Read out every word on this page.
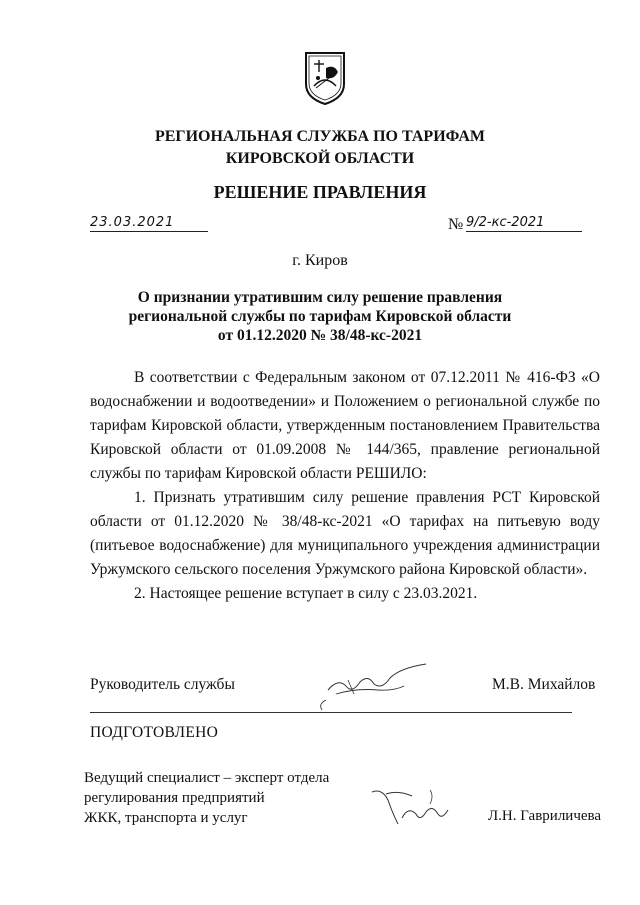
РЕГИОНАЛЬНАЯ СЛУЖБА ПО ТАРИФАМ
КИРОВСКОЙ ОБЛАСТИ
РЕШЕНИЕ ПРАВЛЕНИЯ
23.03.2021	№ 9/2-кс-2021
г. Киров
О признании утратившим силу решение правления
региональной службы по тарифам Кировской области
от 01.12.2020 № 38/48-кс-2021

В соответствии с Федеральным законом от 07.12.2011 № 416-ФЗ «О водоснабжении и водоотведении» и Положением о региональной службе по тарифам Кировской области, утвержденным постановлением Правительства Кировской области от 01.09.2008 № 144/365, правление региональной службы по тарифам Кировской области РЕШИЛО:

1. Признать утратившим силу решение правления РСТ Кировской области от 01.12.2020 № 38/48-кс-2021 «О тарифах на питьевую воду (питьевое водоснабжение) для муниципального учреждения администрации Уржумского сельского поселения Уржумского района Кировской области».

2. Настоящее решение вступает в силу с 23.03.2021.

Руководитель службы	М.В. Михайлов
ПОДГОТОВЛЕНО
Ведущий специалист – эксперт отдела
регулирования предприятий
ЖКК, транспорта и услуг	Л.Н. Гавриличева
